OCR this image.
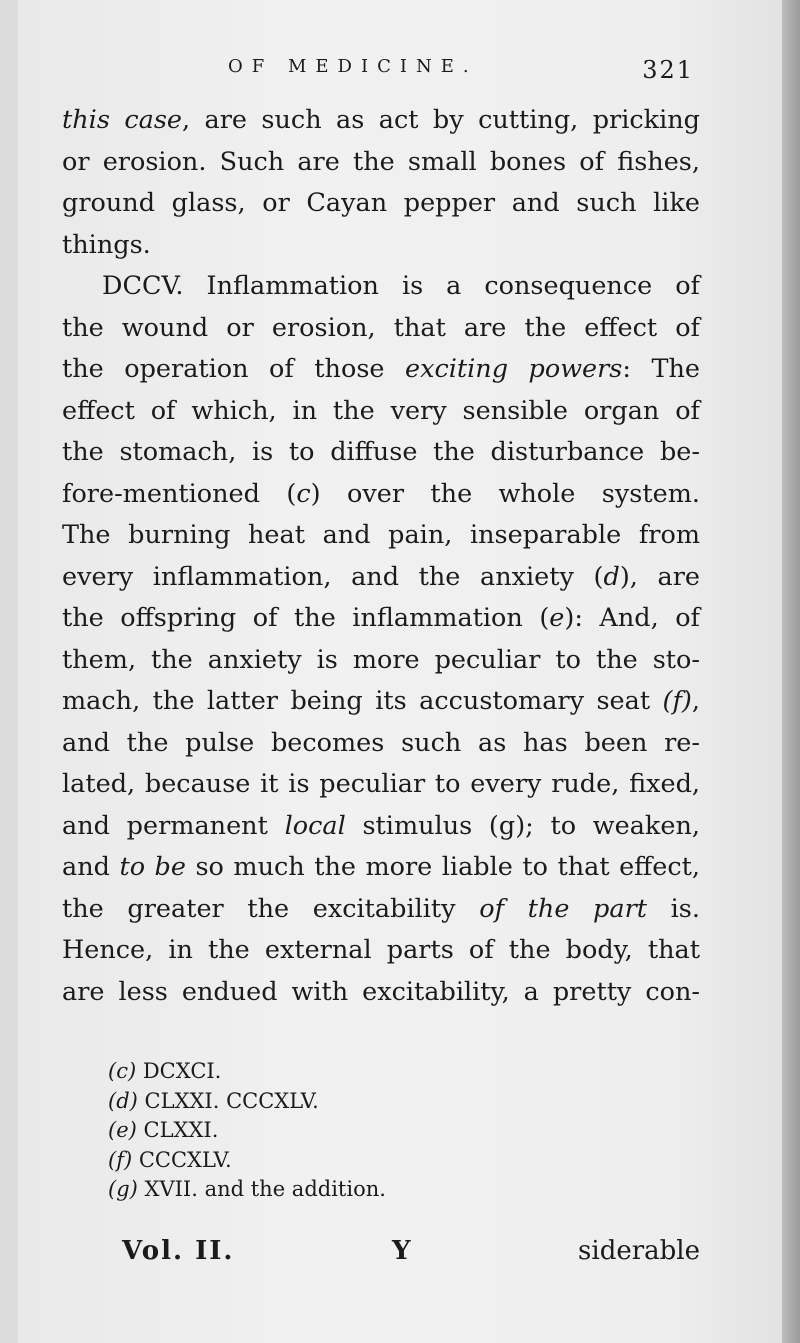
OF MEDICINE.	321

this case, are such as act by cutting, pricking
or erosion. Such are the small bones of fishes,
ground glass, or Cayan pepper and such like
things.

DCCV. Inflammation is a consequence of
the wound or erosion, that are the effect of
the operation of those exciting powers: The
effect of which, in the very sensible organ of
the stomach, is to diffuse the disturbance be-
fore-mentioned (c) over the whole system.
The burning heat and pain, inseparable from
every inflammation, and the anxiety (d), are
the offspring of the inflammation (e): And, of
them, the anxiety is more peculiar to the sto-
mach, the latter being its accustomary seat (f),
and the pulse becomes such as has been re-
lated, because it is peculiar to every rude, fixed,
and permanent local stimulus (g); to weaken,
and to be so much the more liable to that effect,
the greater the excitability of the part is.
Hence, in the external parts of the body, that
are less endued with excitability, a pretty con-

(c) DCXCI.
(d) CLXXI. CCCXLV.
(e) CLXXI.
(f) CCCXLV.
(g) XVII. and the addition.
Vol. II.	Y	siderable
